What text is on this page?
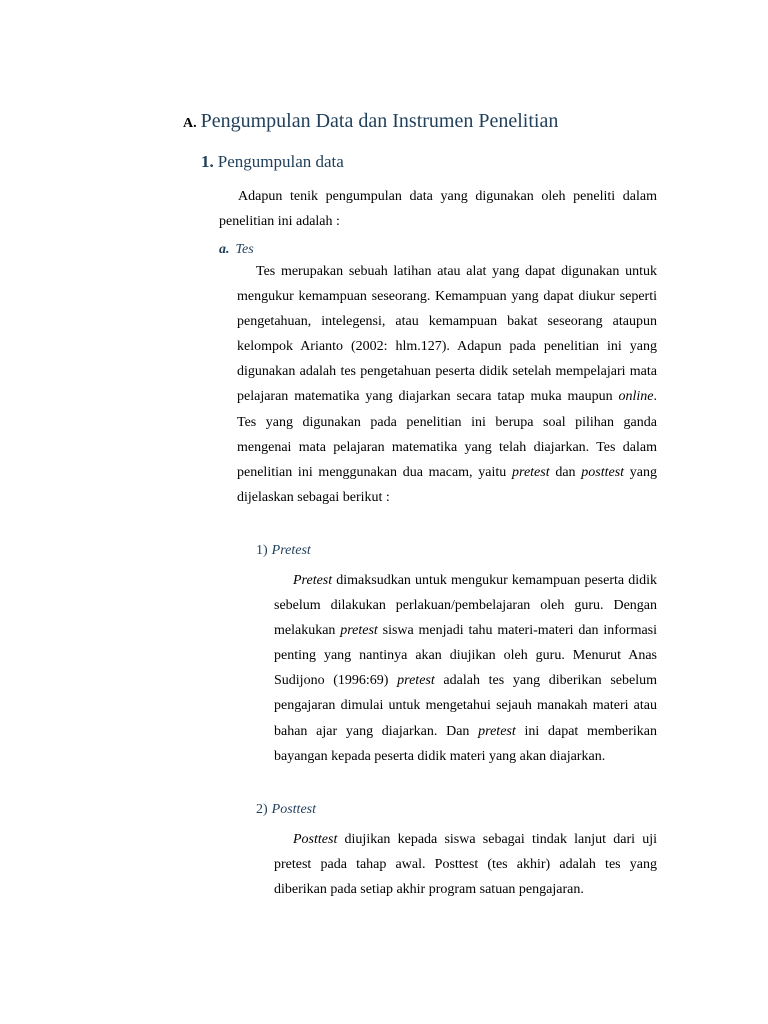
A. Pengumpulan Data dan Instrumen Penelitian
1. Pengumpulan data
Adapun tenik pengumpulan data yang digunakan oleh peneliti dalam penelitian ini adalah :
a. Tes
Tes merupakan sebuah latihan atau alat yang dapat digunakan untuk mengukur kemampuan seseorang. Kemampuan yang dapat diukur seperti pengetahuan, intelegensi, atau kemampuan bakat seseorang ataupun kelompok Arianto (2002: hlm.127). Adapun pada penelitian ini yang digunakan adalah tes pengetahuan peserta didik setelah mempelajari mata pelajaran matematika yang diajarkan secara tatap muka maupun online. Tes yang digunakan pada penelitian ini berupa soal pilihan ganda mengenai mata pelajaran matematika yang telah diajarkan. Tes dalam penelitian ini menggunakan dua macam, yaitu pretest dan posttest yang dijelaskan sebagai berikut :
1) Pretest
Pretest dimaksudkan untuk mengukur kemampuan peserta didik sebelum dilakukan perlakuan/pembelajaran oleh guru. Dengan melakukan pretest siswa menjadi tahu materi-materi dan informasi penting yang nantinya akan diujikan oleh guru. Menurut Anas Sudijono (1996:69) pretest adalah tes yang diberikan sebelum pengajaran dimulai untuk mengetahui sejauh manakah materi atau bahan ajar yang diajarkan. Dan pretest ini dapat memberikan bayangan kepada peserta didik materi yang akan diajarkan.
2) Posttest
Posttest diujikan kepada siswa sebagai tindak lanjut dari uji pretest pada tahap awal. Posttest (tes akhir) adalah tes yang diberikan pada setiap akhir program satuan pengajaran.
